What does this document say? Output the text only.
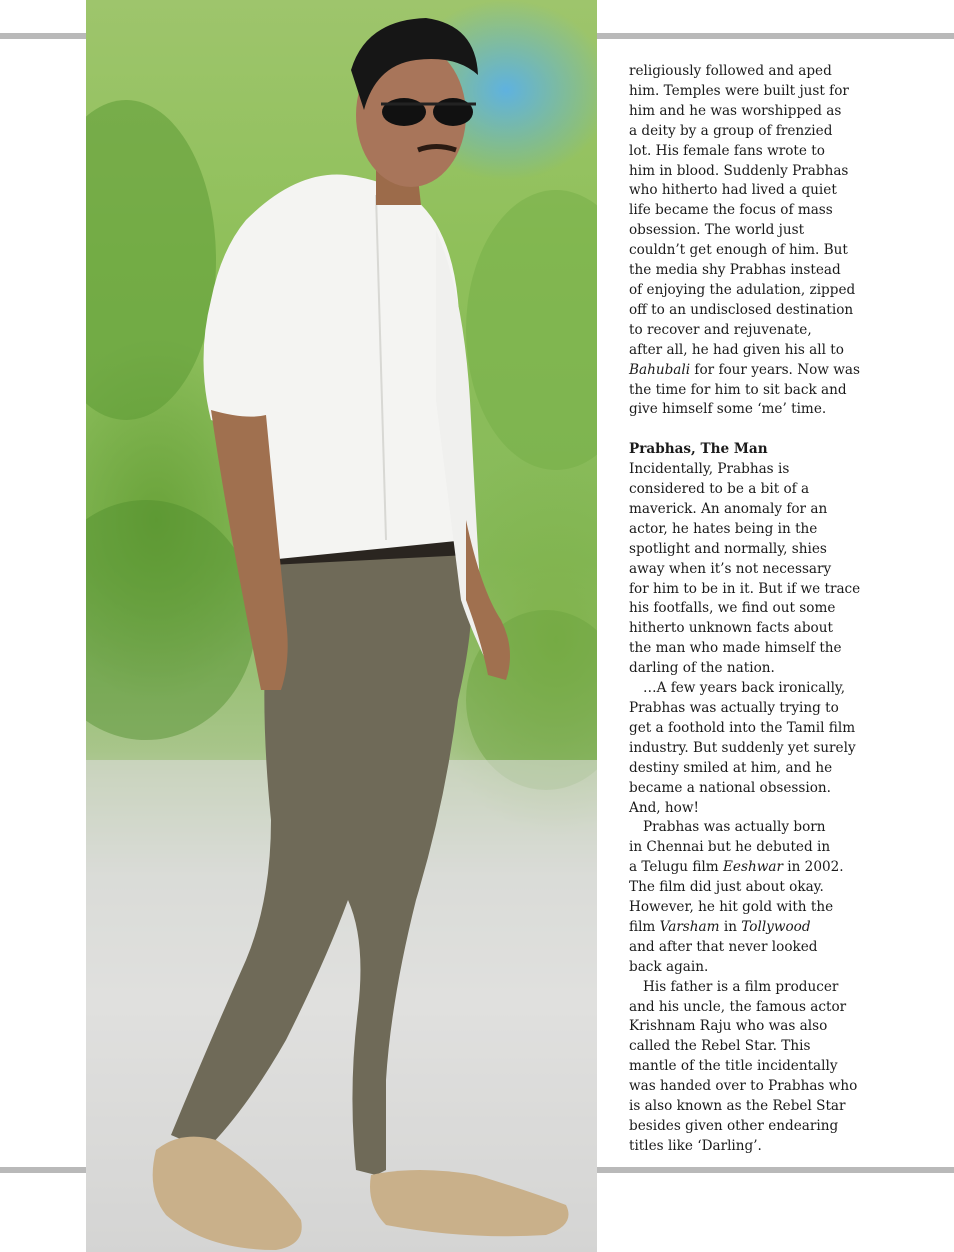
religiously followed and aped
him. Temples were built just for
him and he was worshipped as
a deity by a group of frenzied
lot. His female fans wrote to
him in blood. Suddenly Prabhas
who hitherto had lived a quiet
life became the focus of mass
obsession. The world just
couldn’t get enough of him. But
the media shy Prabhas instead
of enjoying the adulation, zipped
off to an undisclosed destination
to recover and rejuvenate,
after all, he had given his all to
Bahubali for four years. Now was
the time for him to sit back and
give himself some ‘me’ time.

Prabhas, The Man

Incidentally, Prabhas is
considered to be a bit of a
maverick. An anomaly for an
actor, he hates being in the
spotlight and normally, shies
away when it’s not necessary
for him to be in it. But if we trace
his footfalls, we find out some
hitherto unknown facts about
the man who made himself the
darling of the nation.

…A few years back ironically,
Prabhas was actually trying to
get a foothold into the Tamil film
industry. But suddenly yet surely
destiny smiled at him, and he
became a national obsession.
And, how!

Prabhas was actually born
in Chennai but he debuted in
a Telugu film Eeshwar in 2002.
The film did just about okay.
However, he hit gold with the
film Varsham in Tollywood
and after that never looked
back again.

His father is a film producer
and his uncle, the famous actor
Krishnam Raju who was also
called the Rebel Star. This
mantle of the title incidentally
was handed over to Prabhas who
is also known as the Rebel Star
besides given other endearing
titles like ‘Darling’.
